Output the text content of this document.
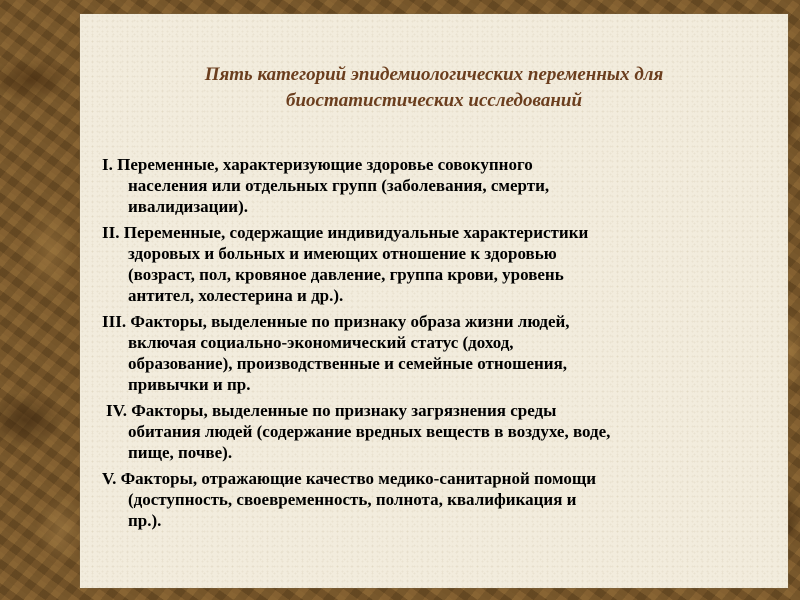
Пять категорий эпидемиологических переменных для
биостатистических исследований
I. Переменные, характеризующие здоровье совокупного
населения или отдельных групп (заболевания, смерти,
ивалидизации).
II. Переменные, содержащие индивидуальные характеристики
здоровых и больных и имеющих отношение к здоровью
(возраст, пол, кровяное давление, группа крови, уровень
антител, холестерина и др.).
III. Факторы, выделенные по признаку образа жизни людей,
включая социально-экономический статус (доход,
образование), производственные и семейные отношения,
привычки и пр.
IV. Факторы, выделенные по признаку загрязнения среды
обитания людей (содержание вредных веществ в воздухе, воде,
пище, почве).
V. Факторы, отражающие качество медико-санитарной помощи
(доступность, своевременность, полнота, квалификация и
пр.).
